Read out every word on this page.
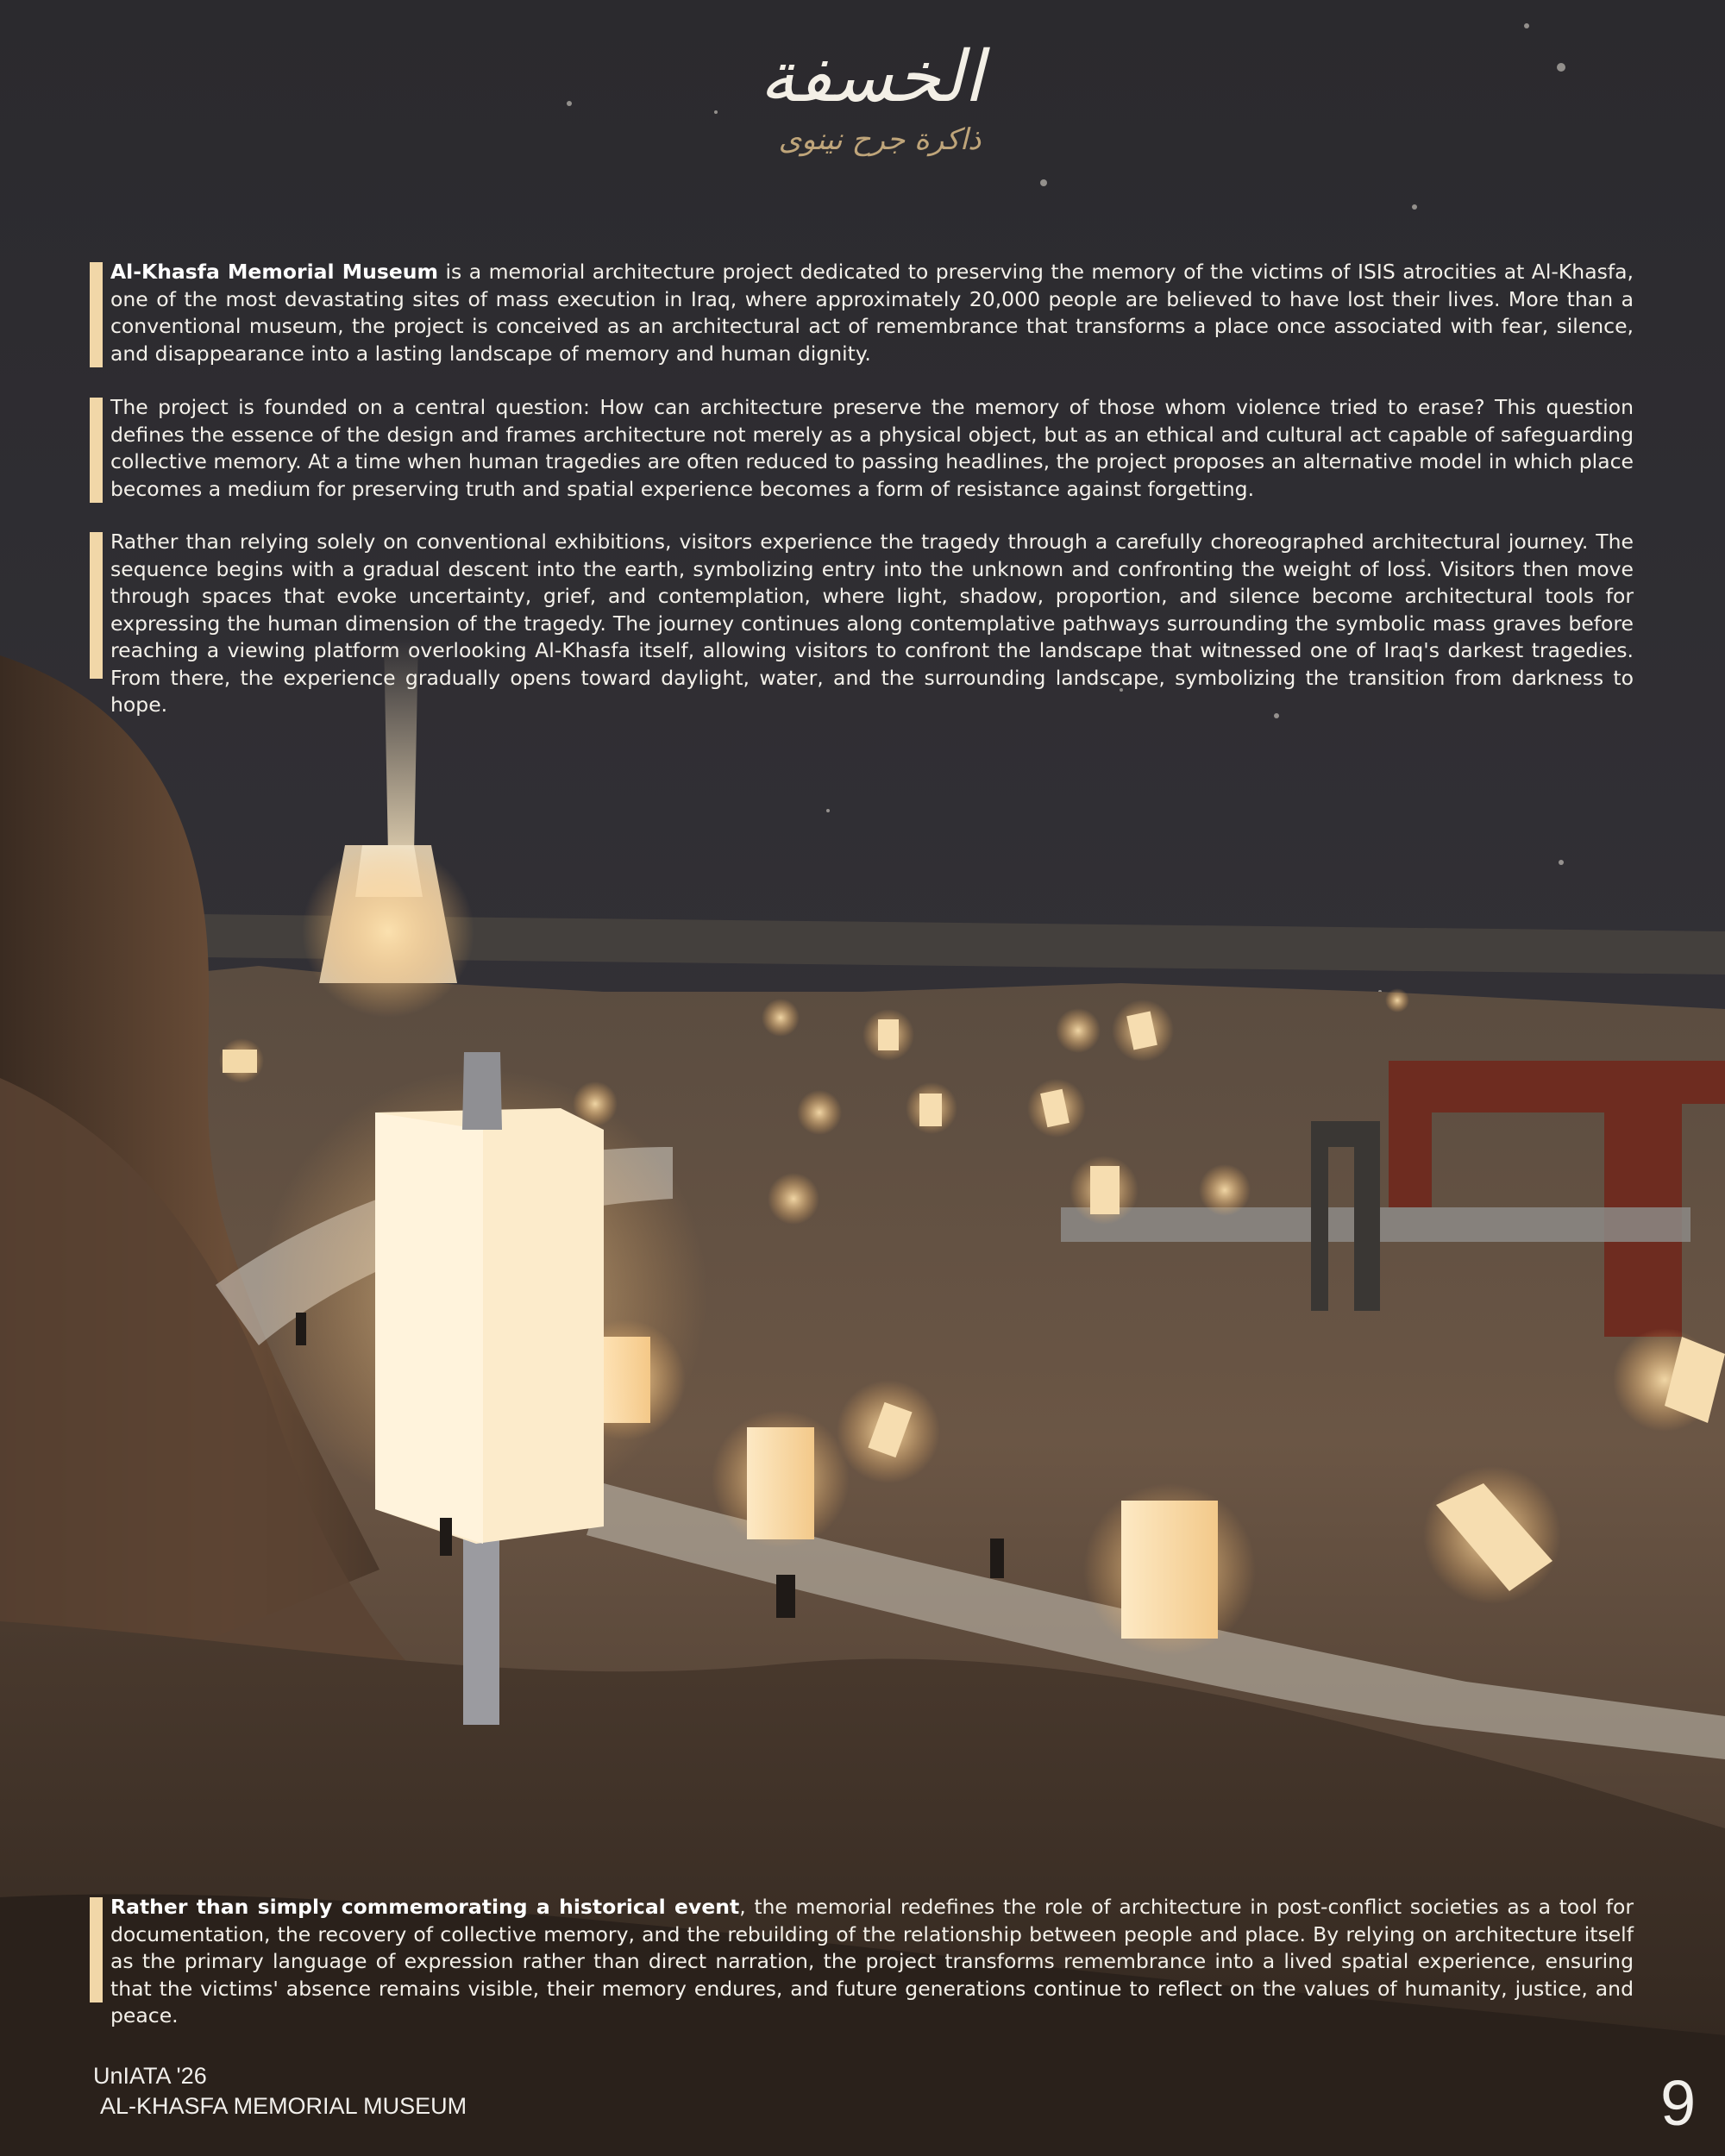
الخسفة
ذاكرة جرح نينوى

Al-Khasfa Memorial Museum is a memorial architecture project dedicated to preserving the memory of the victims of ISIS atrocities at Al-Khasfa, one of the most devastating sites of mass execution in Iraq, where approximately 20,000 people are believed to have lost their lives. More than a conventional museum, the project is conceived as an architectural act of remembrance that transforms a place once associated with fear, silence, and disappearance into a lasting landscape of memory and human dignity.

The project is founded on a central question: How can architecture preserve the memory of those whom violence tried to erase? This question defines the essence of the design and frames architecture not merely as a physical object, but as an ethical and cultural act capable of safeguarding collective memory. At a time when human tragedies are often reduced to passing headlines, the project proposes an alternative model in which place becomes a medium for preserving truth and spatial experience becomes a form of resistance against forgetting.

Rather than relying solely on conventional exhibitions, visitors experience the tragedy through a carefully choreographed architectural journey. The sequence begins with a gradual descent into the earth, symbolizing entry into the unknown and confronting the weight of loss. Visitors then move through spaces that evoke uncertainty, grief, and contemplation, where light, shadow, proportion, and silence become architectural tools for expressing the human dimension of the tragedy. The journey continues along contemplative pathways surrounding the symbolic mass graves before reaching a viewing platform overlooking Al-Khasfa itself, allowing visitors to confront the landscape that witnessed one of Iraq's darkest tragedies. From there, the experience gradually opens toward daylight, water, and the surrounding landscape, symbolizing the transition from darkness to hope.

Rather than simply commemorating a historical event, the memorial redefines the role of architecture in post-conflict societies as a tool for documentation, the recovery of collective memory, and the rebuilding of the relationship between people and place. By relying on architecture itself as the primary language of expression rather than direct narration, the project transforms remembrance into a lived spatial experience, ensuring that the victims' absence remains visible, their memory endures, and future generations continue to reflect on the values of humanity, justice, and peace.

UnIATA '26
AL-KHASFA MEMORIAL MUSEUM	9
